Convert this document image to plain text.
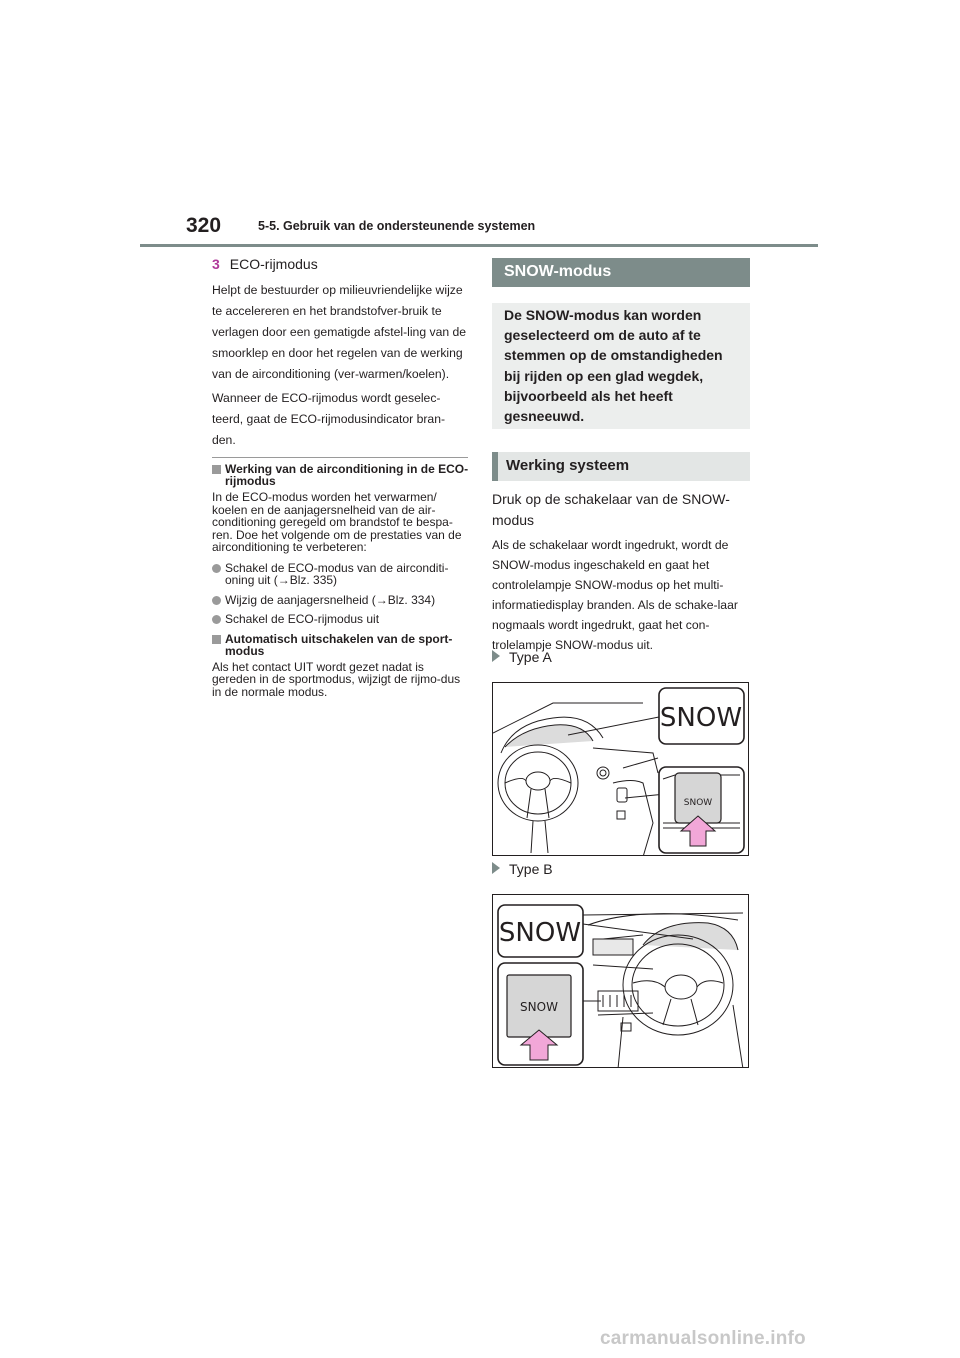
320	5-5. Gebruik van de ondersteunende systemen
3 ECO-rijmodus

Helpt de bestuurder op milieuvriendelijke wijze te accelereren en het brandstofver-bruik te verlagen door een gematigde afstel-ling van de smoorklep en door het regelen van de werking van de airconditioning (ver-warmen/koelen).

Wanneer de ECO-rijmodus wordt geselec-teerd, gaat de ECO-rijmodusindicator bran-den.

Werking van de airconditioning in de ECO-rijmodus
In de ECO-modus worden het verwarmen/ koelen en de aanjagersnelheid van de air-conditioning geregeld om brandstof te bespa-ren. Doe het volgende om de prestaties van de airconditioning te verbeteren:
Schakel de ECO-modus van de airconditi-oning uit (→Blz. 335)
Wijzig de aanjagersnelheid (→Blz. 334)
Schakel de ECO-rijmodus uit
Automatisch uitschakelen van de sport-modus
Als het contact UIT wordt gezet nadat is gereden in de sportmodus, wijzigt de rijmo-dus in de normale modus.
SNOW-modus

De SNOW-modus kan worden geselecteerd om de auto af te stemmen op de omstandigheden bij rijden op een glad wegdek, bijvoorbeeld als het heeft gesneeuwd.

Werking systeem
Druk op de schakelaar van de SNOW-modus
Als de schakelaar wordt ingedrukt, wordt de SNOW-modus ingeschakeld en gaat het controlelampje SNOW-modus op het multi-informatiedisplay branden. Als de schake-laar nogmaals wordt ingedrukt, gaat het con-trolelampje SNOW-modus uit.
Type A
SNOW
SNOW
Type B
SNOW
SNOW
carmanualsonline.info
